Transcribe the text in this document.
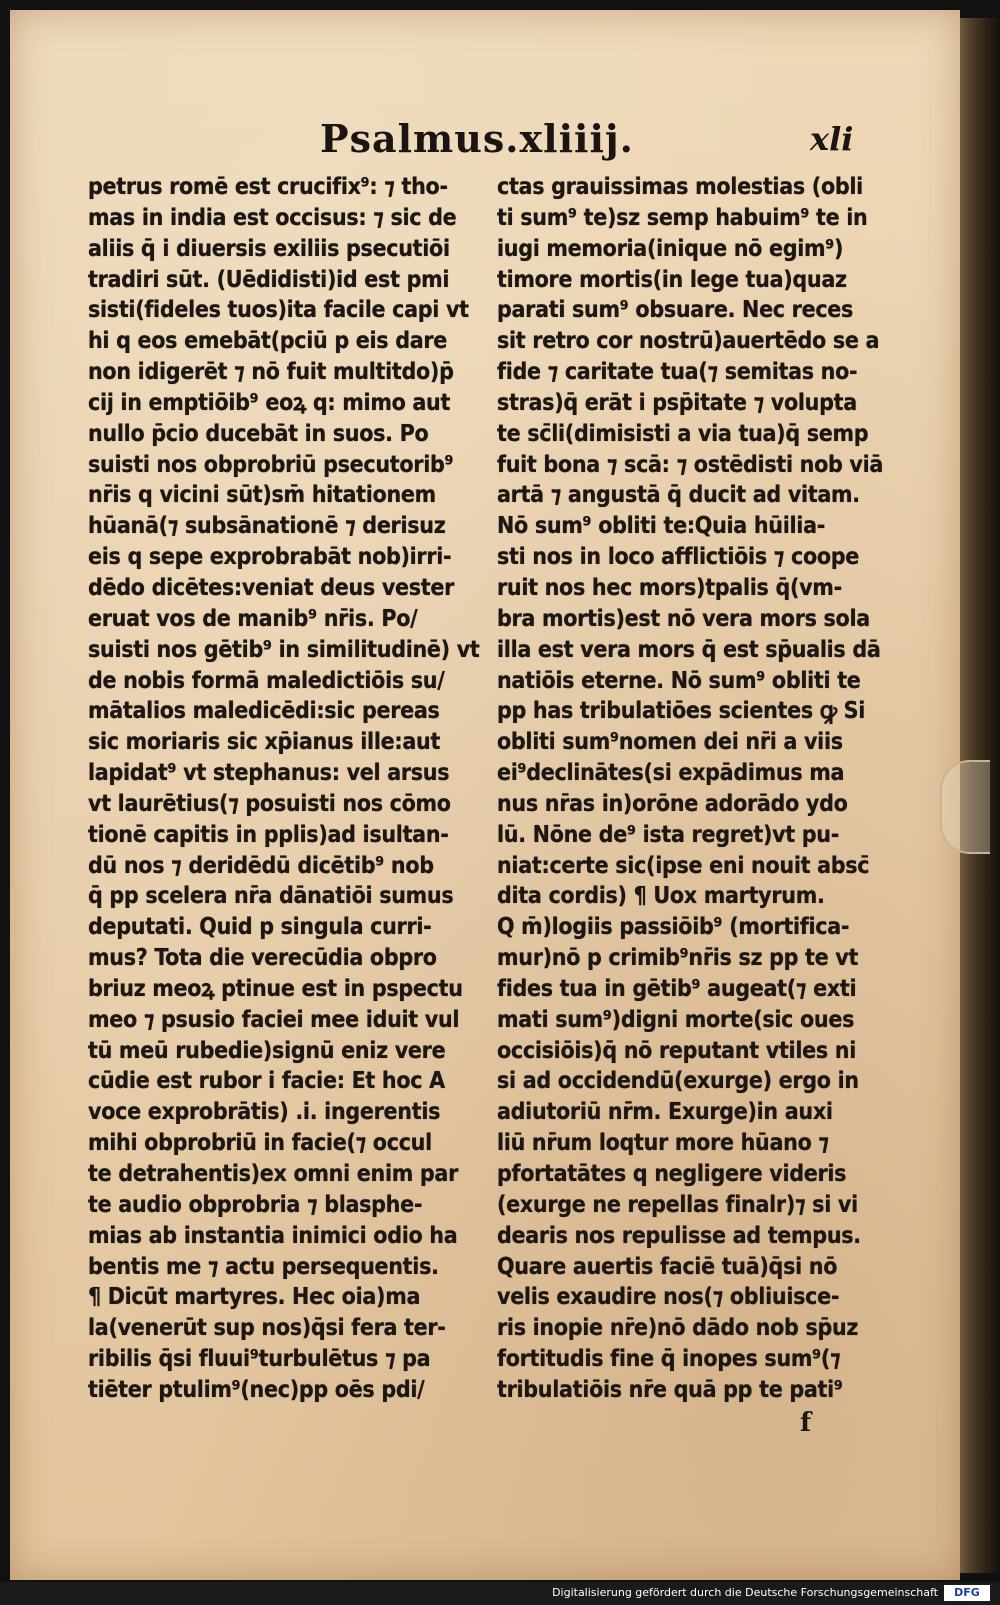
Psalmus.xliiij.	xli
petrus romē est crucifix⁹: ⁊ tho-
mas in india est occisus: ⁊ sic de
aliis q̄ i diuersis exiliis psecutiōi
tradiri sūt. (Uēdidisti)id est pmi
sisti(fideles tuos)ita facile capi vt
hi q eos emebāt(pciū p eis dare
non idigerēt ⁊ nō fuit multitdo)p̄
cij in emptiōib⁹ eoꝝ q: mimo aut
nullo p̄cio ducebāt in suos. Po
suisti nos obprobriū psecutorib⁹
nr̄is q vicini sūt)sm̄ hitationem
hūanā(⁊ subsānationē ⁊ derisuz
eis q sepe exprobrabāt nob)irri-
dēdo dicētes:veniat deus vester
eruat vos de manib⁹ nr̄is. Po/
suisti nos gētib⁹ in similitudinē) vt
de nobis formā maledictiōis su/
mātalios maledicēdi:sic pereas
sic moriaris sic xp̄ianus ille:aut
lapidat⁹ vt stephanus: vel arsus
vt laurētius(⁊ posuisti nos cōmo
tionē capitis in pplis)ad isultan-
dū nos ⁊ deridēdū dicētib⁹ nob
q̄ pp scelera nr̄a dānatiōi sumus
deputati. Quid p singula curri-
mus? Tota die verecūdia obpro
briuz meoꝝ ptinue est in pspectu
meo ⁊ psusio faciei mee iduit vul
tū meū rubedie)signū eniz vere
cūdie est rubor i facie: Et hoc A
voce exprobrātis) .i. ingerentis
mihi obprobriū in facie(⁊ occul
te detrahentis)ex omni enim par
te audio obprobria ⁊ blasphe-
mias ab instantia inimici odio ha
bentis me ⁊ actu persequentis.
¶ Dicūt martyres. Hec oia)ma
la(venerūt sup nos)q̄si fera ter-
ribilis q̄si fluui⁹turbulētus ⁊ pa
tiēter ptulim⁹(nec)pp oēs pdi/
ctas grauissimas molestias (obli
ti sum⁹ te)sz semp habuim⁹ te in
iugi memoria(inique nō egim⁹)
timore mortis(in lege tua)quaz
parati sum⁹ obsuare. Nec reces
sit retro cor nostrū)auertēdo se a
fide ⁊ caritate tua(⁊ semitas no-
stras)q̄ erāt i psp̄itate ⁊ volupta
te sc̄li(dimisisti a via tua)q̄ semp
fuit bona ⁊ scā: ⁊ ostēdisti nob viā
artā ⁊ angustā q̄ ducit ad vitam.
Nō sum⁹ obliti te:Quia hūilia-
sti nos in loco afflictiōis ⁊ coope
ruit nos hec mors)tpalis q̄(vm-
bra mortis)est nō vera mors sola
illa est vera mors q̄ est sp̄ualis dā
natiōis eterne. Nō sum⁹ obliti te
pp has tribulatiōes scientes ꝙ Si
obliti sum⁹nomen dei nr̄i a viis
ei⁹declinātes(si expādimus ma
nus nr̄as in)orōne adorādo ydo
lū. Nōne de⁹ ista regret)vt pu-
niat:certe sic(ipse eni nouit absc̄
dita cordis) ¶ Uox martyrum.
Q m̄)logiis passiōib⁹ (mortifica-
mur)nō p crimib⁹nr̄is sz pp te vt
fides tua in gētib⁹ augeat(⁊ exti
mati sum⁹)digni morte(sic oues
occisiōis)q̄ nō reputant vtiles ni
si ad occidendū(exurge) ergo in
adiutoriū nr̄m. Exurge)in auxi
liū nr̄um loqtur more hūano ⁊
pfortatātes q negligere videris
(exurge ne repellas finalr)⁊ si vi
dearis nos repulisse ad tempus.
Quare auertis faciē tuā)q̄si nō
velis exaudire nos(⁊ obliuisce-
ris inopie nr̄e)nō dādo nob sp̄uz
fortitudis fine q̄ inopes sum⁹(⁊
tribulatiōis nr̄e quā pp te pati⁹
f
Digitalisierung gefördert durch die Deutsche Forschungsgemeinschaft	DFG
